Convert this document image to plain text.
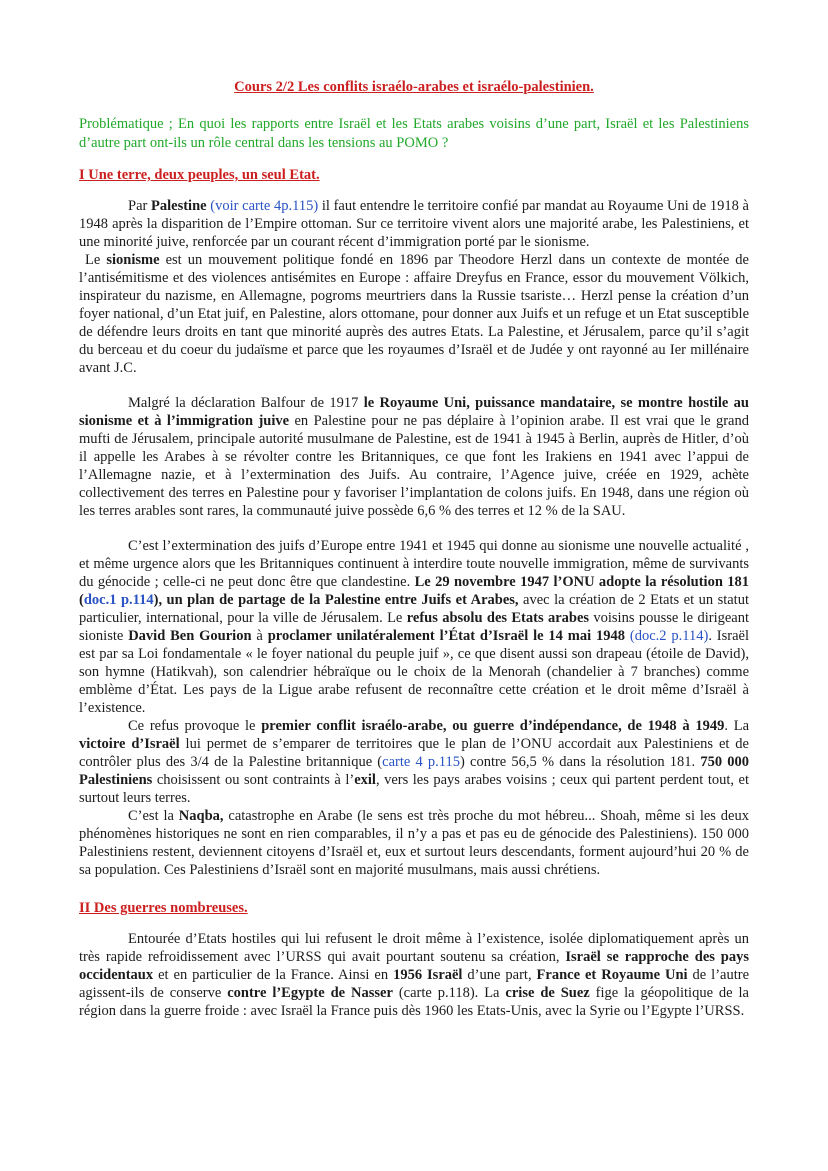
Cours 2/2 Les conflits israélo-arabes et israélo-palestinien.

Problématique ; En quoi les rapports entre Israël et les Etats arabes voisins d’une part, Israël et les Palestiniens d’autre part ont-ils un rôle central dans les tensions au POMO ?

I Une terre, deux peuples, un seul Etat.

Par Palestine (voir carte 4p.115) il faut entendre le territoire confié par mandat au Royaume Uni de 1918 à 1948 après la disparition de l’Empire ottoman. Sur ce territoire vivent alors une majorité arabe, les Palestiniens, et une minorité juive, renforcée par un courant récent d’immigration porté par le sionisme.

Le sionisme est un mouvement politique fondé en 1896 par Theodore Herzl dans un contexte de montée de l’antisémitisme et des violences antisémites en Europe : affaire Dreyfus en France, essor du mouvement Völkich, inspirateur du nazisme, en Allemagne, pogroms meurtriers dans la Russie tsariste… Herzl pense la création d’un foyer national, d’un Etat juif, en Palestine, alors ottomane, pour donner aux Juifs et un refuge et un Etat susceptible de défendre leurs droits en tant que minorité auprès des autres Etats. La Palestine, et Jérusalem, parce qu’il s’agit du berceau et du coeur du judaïsme et parce que les royaumes d’Israël et de Judée y ont rayonné au Ier millénaire avant J.C.

Malgré la déclaration Balfour de 1917 le Royaume Uni, puissance mandataire, se montre hostile au sionisme et à l’immigration juive en Palestine pour ne pas déplaire à l’opinion arabe. Il est vrai que le grand mufti de Jérusalem, principale autorité musulmane de Palestine, est de 1941 à 1945 à Berlin, auprès de Hitler, d’où il appelle les Arabes à se révolter contre les Britanniques, ce que font les Irakiens en 1941 avec l’appui de l’Allemagne nazie, et à l’extermination des Juifs. Au contraire, l’Agence juive, créée en 1929, achète collectivement des terres en Palestine pour y favoriser l’implantation de colons juifs. En 1948, dans une région où les terres arables sont rares, la communauté juive possède 6,6 % des terres et 12 % de la SAU.

C’est l’extermination des juifs d’Europe entre 1941 et 1945 qui donne au sionisme une nouvelle actualité , et même urgence alors que les Britanniques continuent à interdire toute nouvelle immigration, même de survivants du génocide ; celle-ci ne peut donc être que clandestine. Le 29 novembre 1947 l’ONU adopte la résolution 181 (doc.1 p.114), un plan de partage de la Palestine entre Juifs et Arabes, avec la création de 2 Etats et un statut particulier, international, pour la ville de Jérusalem. Le refus absolu des Etats arabes voisins pousse le dirigeant sioniste David Ben Gourion à proclamer unilatéralement l’État d’Israël le 14 mai 1948 (doc.2 p.114). Israël est par sa Loi fondamentale « le foyer national du peuple juif », ce que disent aussi son drapeau (étoile de David), son hymne (Hatikvah), son calendrier hébraïque ou le choix de la Menorah (chandelier à 7 branches) comme emblème d’État. Les pays de la Ligue arabe refusent de reconnaître cette création et le droit même d’Israël à l’existence.

Ce refus provoque le premier conflit israélo-arabe, ou guerre d’indépendance, de 1948 à 1949. La victoire d’Israël lui permet de s’emparer de territoires que le plan de l’ONU accordait aux Palestiniens et de contrôler plus des 3/4 de la Palestine britannique (carte 4 p.115) contre 56,5 % dans la résolution 181. 750 000 Palestiniens choisissent ou sont contraints à l’exil, vers les pays arabes voisins ; ceux qui partent perdent tout, et surtout leurs terres.

C’est la Naqba, catastrophe en Arabe (le sens est très proche du mot hébreu... Shoah, même si les deux phénomènes historiques ne sont en rien comparables, il n’y a pas et pas eu de génocide des Palestiniens). 150 000 Palestiniens restent, deviennent citoyens d’Israël et, eux et surtout leurs descendants, forment aujourd’hui 20 % de sa population. Ces Palestiniens d’Israël sont en majorité musulmans, mais aussi chrétiens.

II Des guerres nombreuses.

Entourée d’Etats hostiles qui lui refusent le droit même à l’existence, isolée diplomatiquement après un très rapide refroidissement avec l’URSS qui avait pourtant soutenu sa création, Israël se rapproche des pays occidentaux et en particulier de la France. Ainsi en 1956 Israël d’une part, France et Royaume Uni de l’autre agissent-ils de conserve contre l’Egypte de Nasser (carte p.118). La crise de Suez fige la géopolitique de la région dans la guerre froide : avec Israël la France puis dès 1960 les Etats-Unis, avec la Syrie ou l’Egypte l’URSS.
